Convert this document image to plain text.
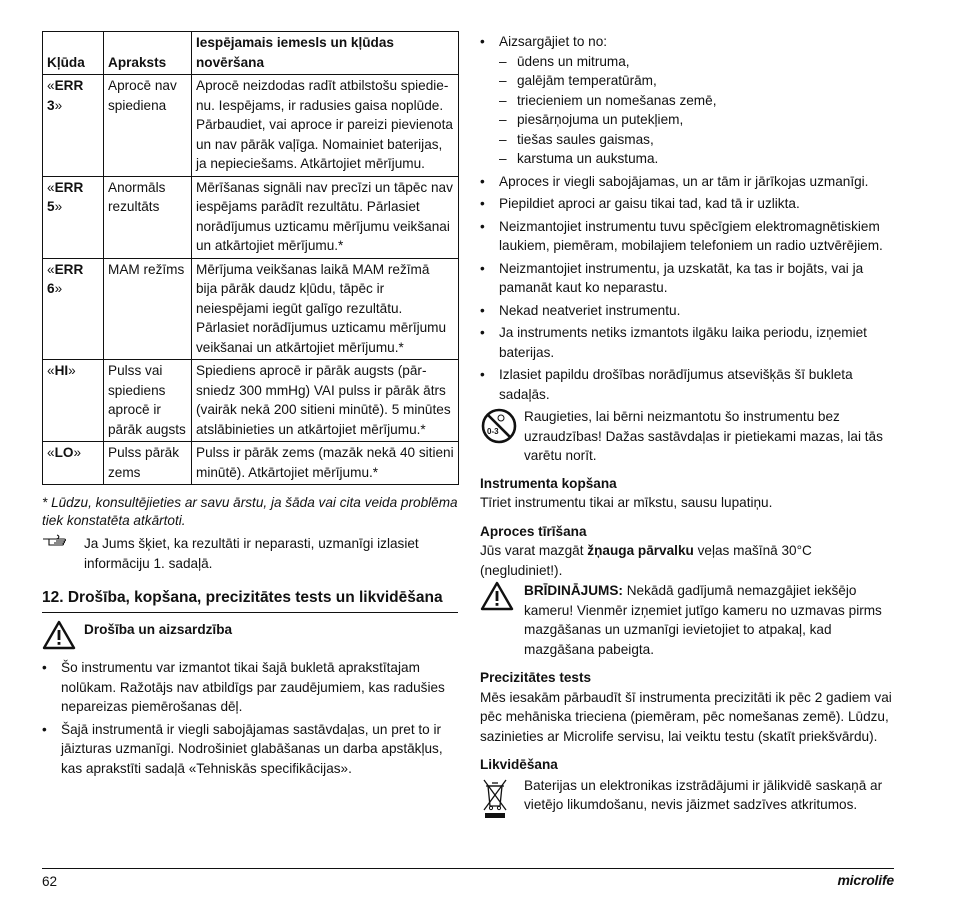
Kļūda	Apraksts	Iespējamais iemesls un kļūdas novēršana
«ERR 3»	Aprocē nav spiediena	Aprocē neizdodas radīt atbilstošu spiedienu. Iespējams, ir radusies gaisa noplūde. Pārbaudiet, vai aproce ir pareizi pievienota un nav pārāk vaļīga. Nomainiet baterijas, ja nepieciešams. Atkārtojiet mērījumu.
«ERR 5»	Anormāls rezultāts	Mērīšanas signāli nav precīzi un tāpēc nav iespējams parādīt rezultātu. Pārlasiet norādījumus uzticamu mērījumu veikšanai un atkārtojiet mērījumu.*
«ERR 6»	MAM režīms	Mērījuma veikšanas laikā MAM režīmā bija pārāk daudz kļūdu, tāpēc ir neiespējami iegūt galīgo rezultātu. Pārlasiet norādījumus uzticamu mērījumu veikšanai un atkārtojiet mērījumu.*
«HI»	Pulss vai spiediens aprocē ir pārāk augsts	Spiediens aprocē ir pārāk augsts (pārsniedz 300 mmHg) VAI pulss ir pārāk ātrs (vairāk nekā 200 sitieni minūtē). 5 minūtes atslābinieties un atkārtojiet mērījumu.*
«LO»	Pulss pārāk zems	Pulss ir pārāk zems (mazāk nekā 40 sitieni minūtē). Atkārtojiet mērījumu.*
* Lūdzu, konsultējieties ar savu ārstu, ja šāda vai cita veida problēma tiek konstatēta atkārtoti.
Ja Jums šķiet, ka rezultāti ir neparasti, uzmanīgi izlasiet informāciju 1. sadaļā.
12. Drošība, kopšana, precizitātes tests un likvidēšana
Drošība un aizsardzība
• Šo instrumentu var izmantot tikai šajā bukletā aprakstītajam nolūkam. Ražotājs nav atbildīgs par zaudējumiem, kas radušies nepareizas piemērošanas dēļ.
• Šajā instrumentā ir viegli sabojājamas sastāvdaļas, un pret to ir jāizturas uzmanīgi. Nodrošiniet glabāšanas un darba apstākļus, kas aprakstīti sadaļā «Tehniskās specifikācijas».
• Aizsargājiet to no:
– ūdens un mitruma,
– galējām temperatūrām,
– triecieniem un nomešanas zemē,
– piesārņojuma un putekļiem,
– tiešas saules gaismas,
– karstuma un aukstuma.
• Aproces ir viegli sabojājamas, un ar tām ir jārīkojas uzmanīgi.
• Piepildiet aproci ar gaisu tikai tad, kad tā ir uzlikta.
• Neizmantojiet instrumentu tuvu spēcīgiem elektromagnētiskiem laukiem, piemēram, mobilajiem telefoniem un radio uztvērējiem.
• Neizmantojiet instrumentu, ja uzskatāt, ka tas ir bojāts, vai ja pamanāt kaut ko neparastu.
• Nekad neatveriet instrumentu.
• Ja instruments netiks izmantots ilgāku laika periodu, izņemiet baterijas.
• Izlasiet papildu drošības norādījumus atsevišķās šī bukleta sadaļās.
0-3
Raugieties, lai bērni neizmantotu šo instrumentu bez uzraudzības! Dažas sastāvdaļas ir pietiekami mazas, lai tās varētu norīt.
Instrumenta kopšana
Tīriet instrumentu tikai ar mīkstu, sausu lupatiņu.
Aproces tīrīšana
Jūs varat mazgāt žņauga pārvalku veļas mašīnā 30°C (negludiniet!).
BRĪDINĀJUMS: Nekādā gadījumā nemazgājiet iekšējo kameru! Vienmēr izņemiet jutīgo kameru no uzmavas pirms mazgāšanas un uzmanīgi ievietojiet to atpakaļ, kad mazgāšana pabeigta.
Precizitātes tests
Mēs iesakām pārbaudīt šī instrumenta precizitāti ik pēc 2 gadiem vai pēc mehāniska trieciena (piemēram, pēc nomešanas zemē). Lūdzu, sazinieties ar Microlife servisu, lai veiktu testu (skatīt priekšvārdu).
Likvidēšana
Baterijas un elektronikas izstrādājumi ir jālikvidē saskaņā ar vietējo likumdošanu, nevis jāizmet sadzīves atkritumos.
62	microlife
